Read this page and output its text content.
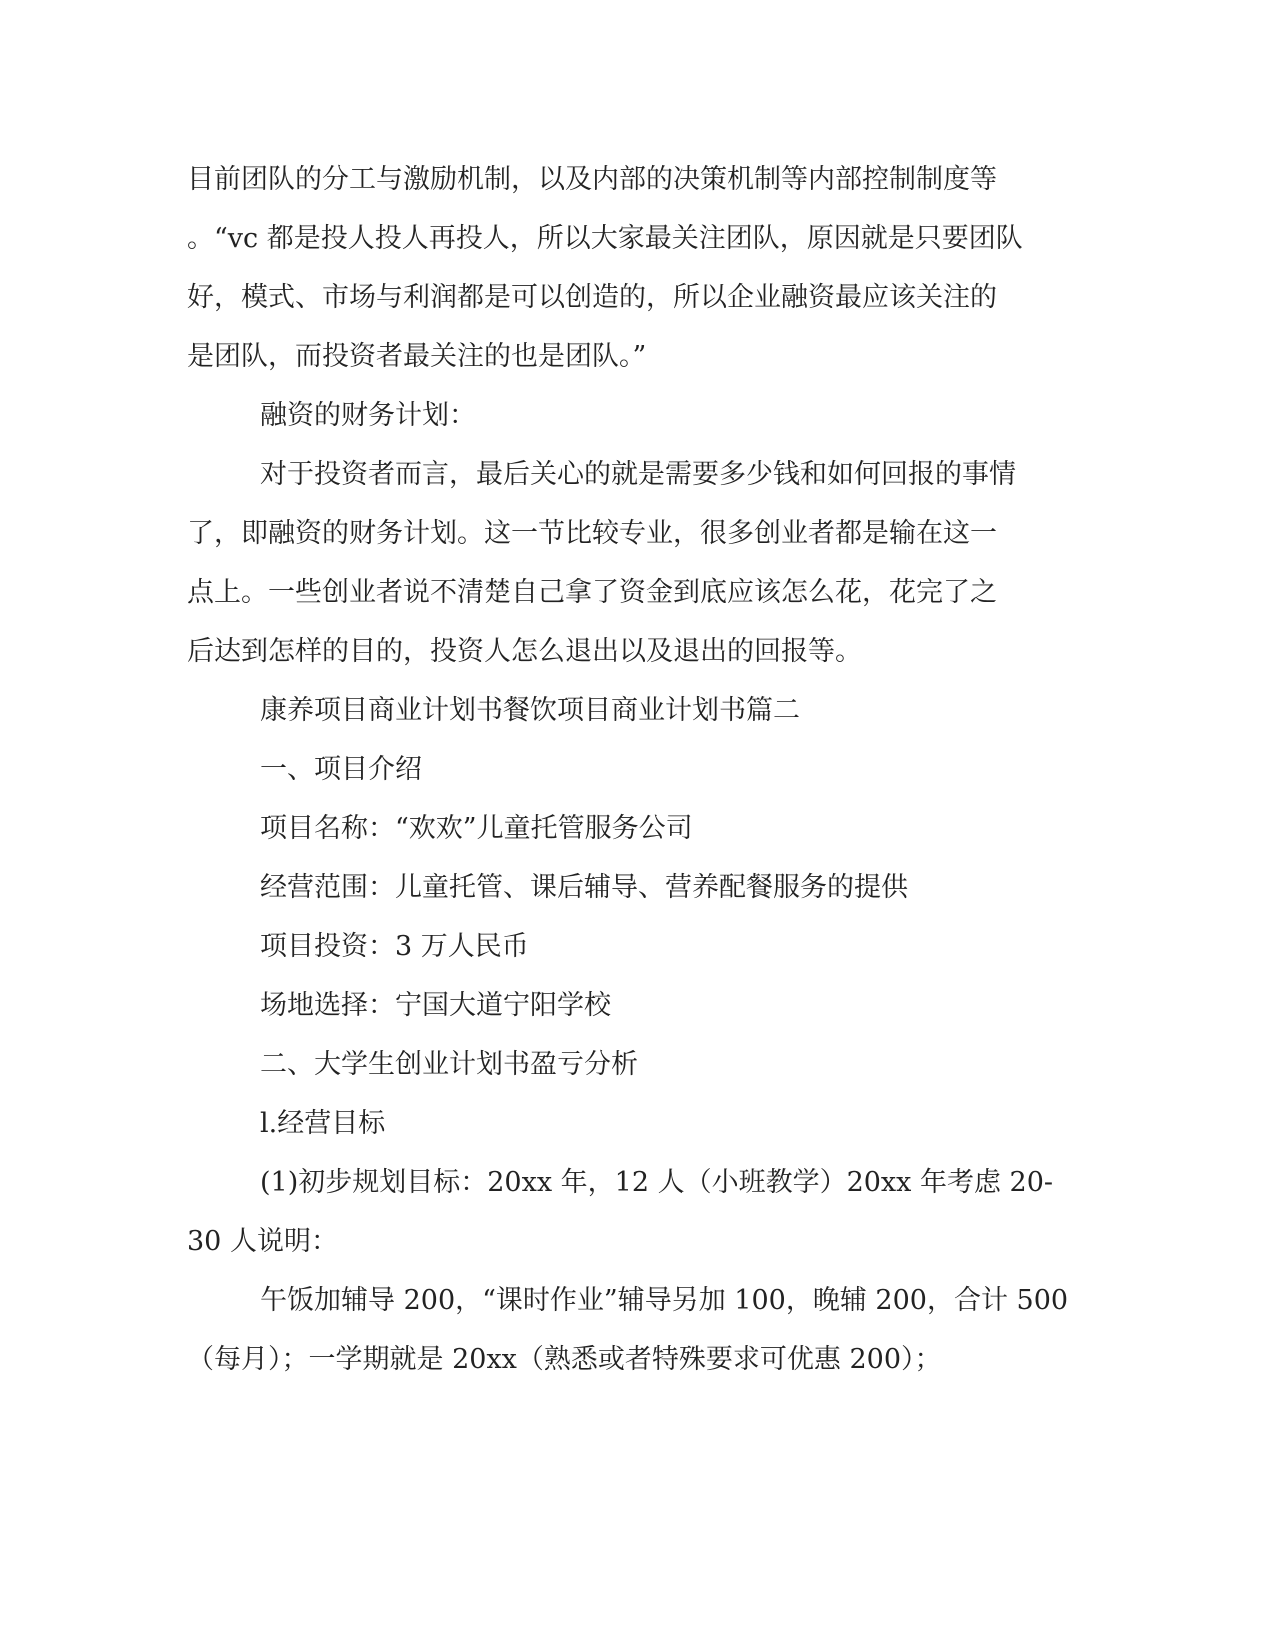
目前团队的分工与激励机制，以及内部的决策机制等内部控制制度等
。“vc 都是投人投人再投人，所以大家最关注团队，原因就是只要团队
好，模式、市场与利润都是可以创造的，所以企业融资最应该关注的
是团队，而投资者最关注的也是团队。”
融资的财务计划：
对于投资者而言，最后关心的就是需要多少钱和如何回报的事情
了，即融资的财务计划。这一节比较专业，很多创业者都是输在这一
点上。一些创业者说不清楚自己拿了资金到底应该怎么花，花完了之
后达到怎样的目的，投资人怎么退出以及退出的回报等。
康养项目商业计划书餐饮项目商业计划书篇二
一、项目介绍
项目名称：“欢欢”儿童托管服务公司
经营范围：儿童托管、课后辅导、营养配餐服务的提供
项目投资：3 万人民币
场地选择：宁国大道宁阳学校
二、大学生创业计划书盈亏分析
l.经营目标
(1)初步规划目标：20xx 年，12 人（小班教学）20xx 年考虑 20-
30 人说明：
午饭加辅导 200，“课时作业”辅导另加 100，晚辅 200，合计 500
（每月）；一学期就是 20xx（熟悉或者特殊要求可优惠 200）；
